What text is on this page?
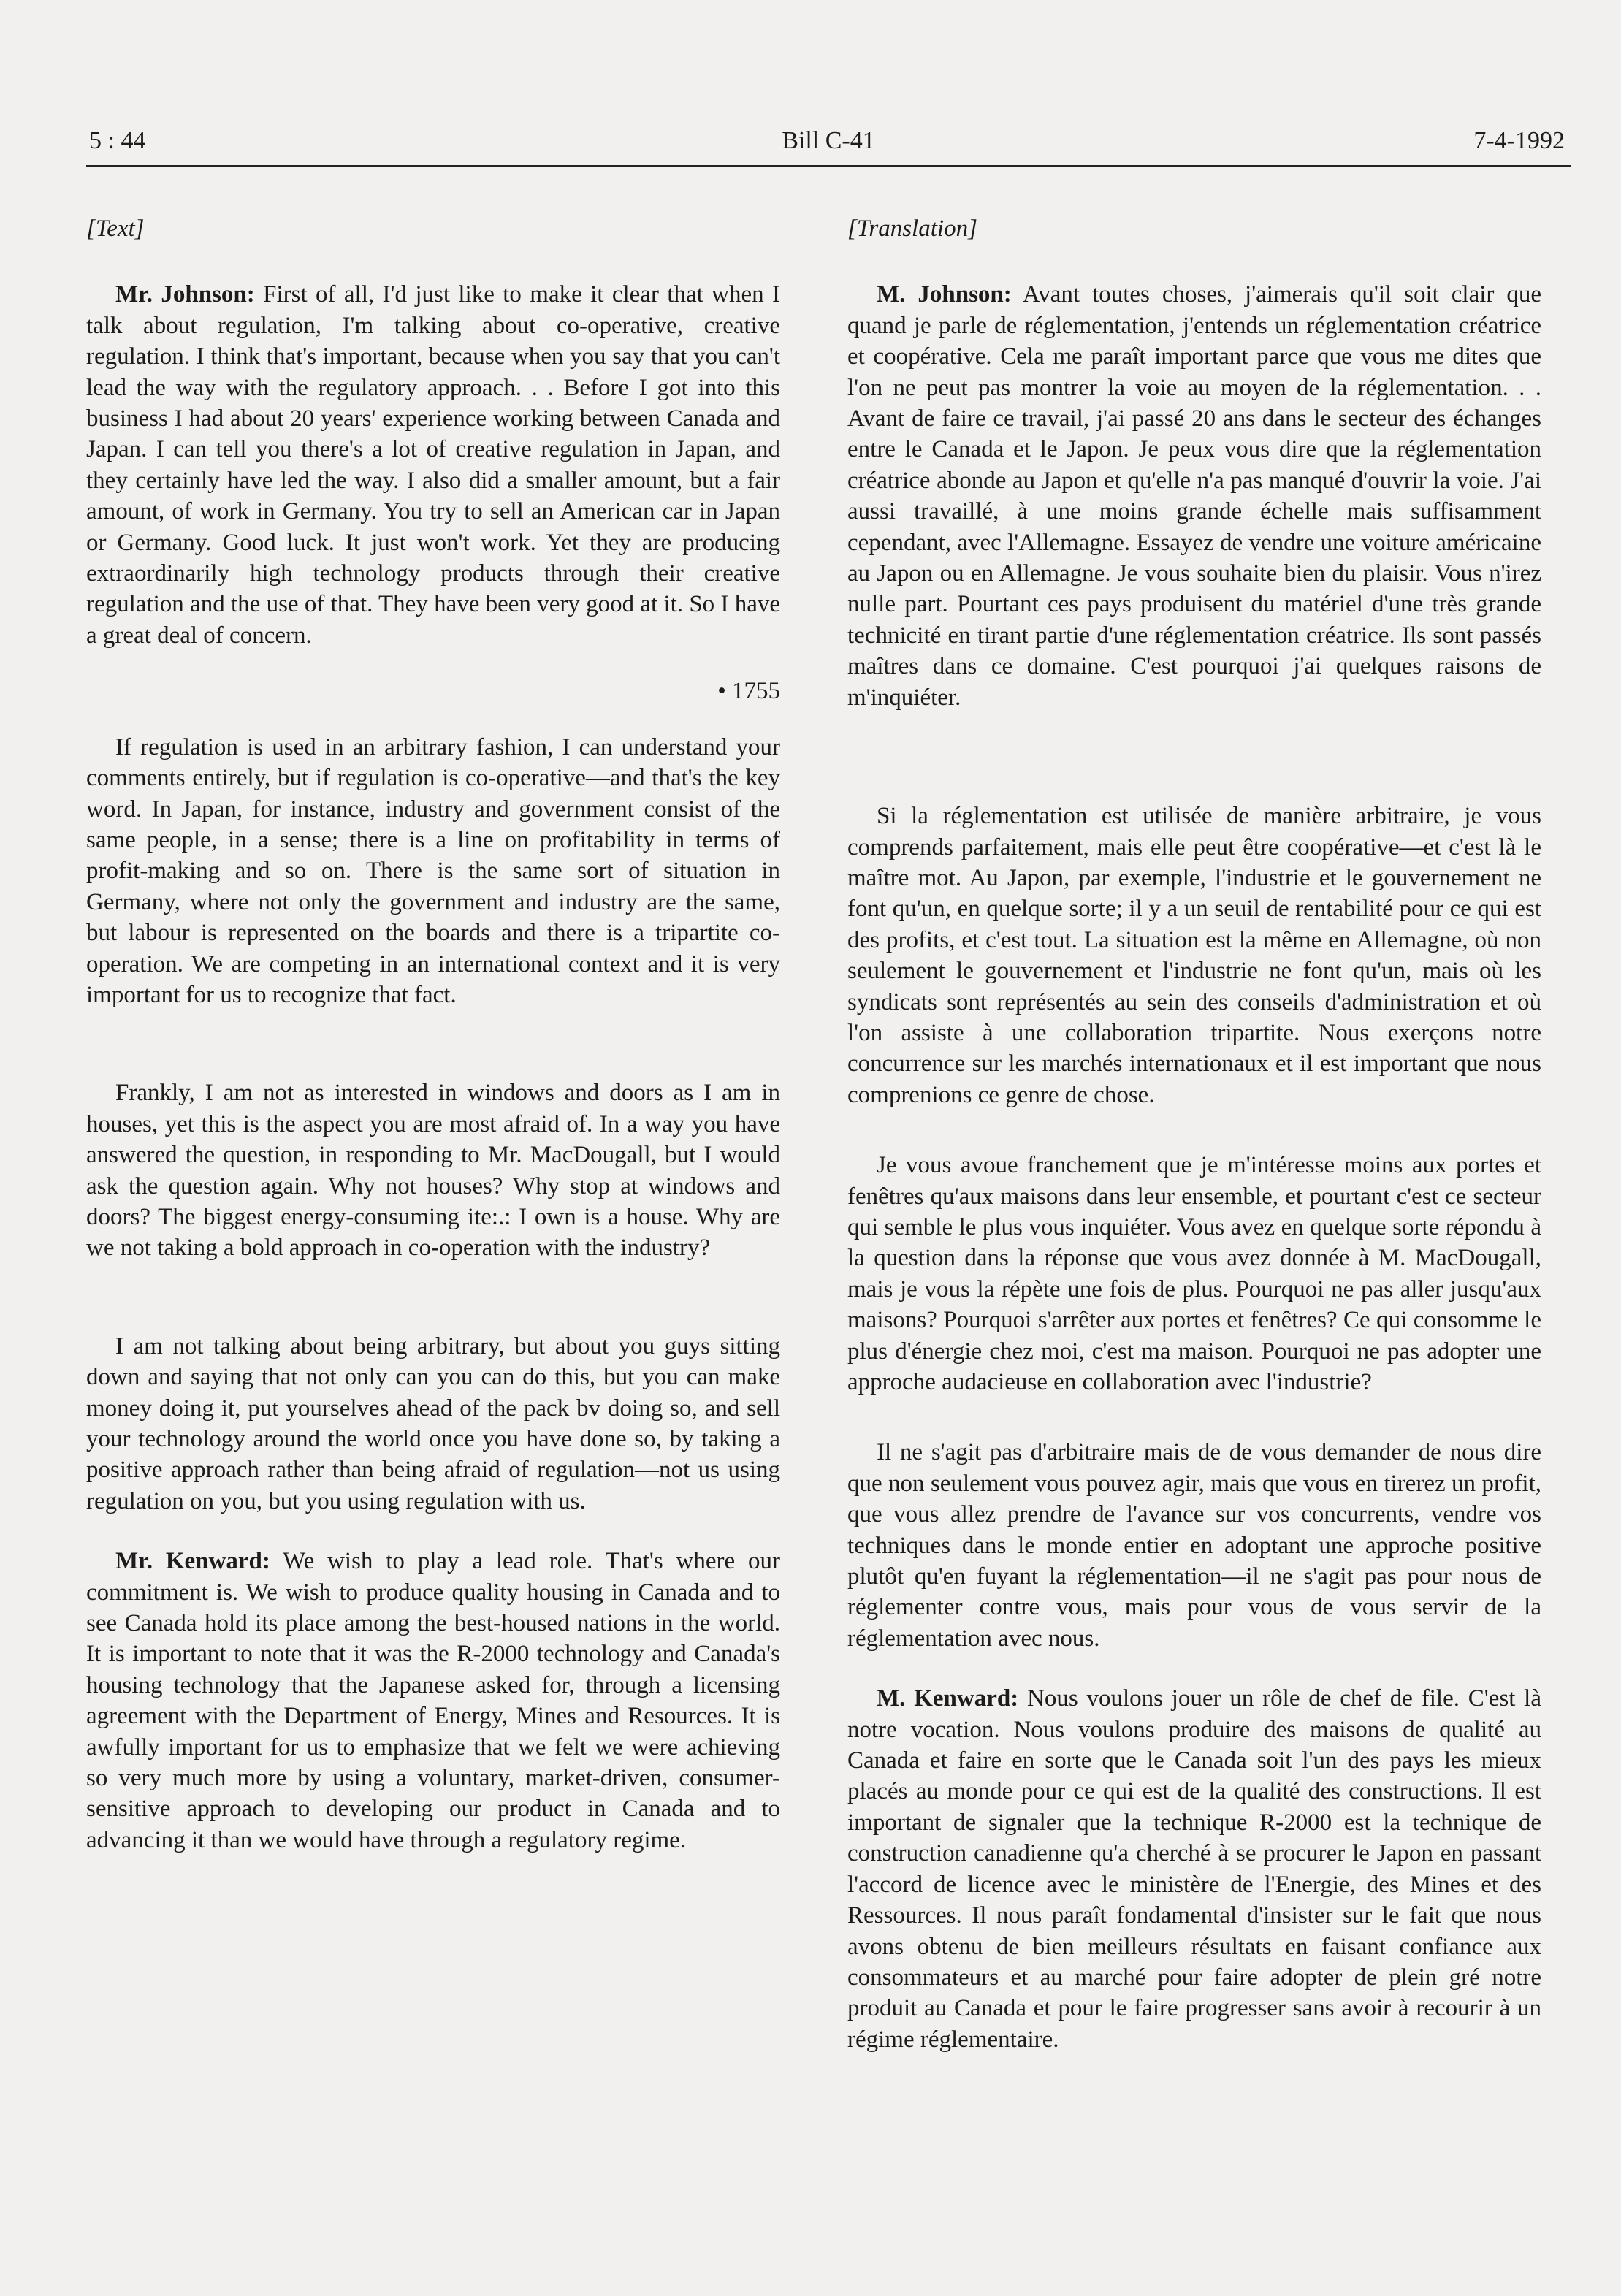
5 : 44	Bill C-41	7-4-1992

[Text]

Mr. Johnson: First of all, I'd just like to make it clear that when I talk about regulation, I'm talking about co-operative, creative regulation. I think that's important, because when you say that you can't lead the way with the regulatory approach. . . Before I got into this business I had about 20 years' experience working between Canada and Japan. I can tell you there's a lot of creative regulation in Japan, and they certainly have led the way. I also did a smaller amount, but a fair amount, of work in Germany. You try to sell an American car in Japan or Germany. Good luck. It just won't work. Yet they are producing extraordinarily high technology products through their creative regulation and the use of that. They have been very good at it. So I have a great deal of concern.

• 1755

If regulation is used in an arbitrary fashion, I can understand your comments entirely, but if regulation is co-operative—and that's the key word. In Japan, for instance, industry and government consist of the same people, in a sense; there is a line on profitability in terms of profit-making and so on. There is the same sort of situation in Germany, where not only the government and industry are the same, but labour is represented on the boards and there is a tripartite co-operation. We are competing in an international context and it is very important for us to recognize that fact.

Frankly, I am not as interested in windows and doors as I am in houses, yet this is the aspect you are most afraid of. In a way you have answered the question, in responding to Mr. MacDougall, but I would ask the question again. Why not houses? Why stop at windows and doors? The biggest energy-consuming ite:.: I own is a house. Why are we not taking a bold approach in co-operation with the industry?

I am not talking about being arbitrary, but about you guys sitting down and saying that not only can you can do this, but you can make money doing it, put yourselves ahead of the pack bv doing so, and sell your technology around the world once you have done so, by taking a positive approach rather than being afraid of regulation—not us using regulation on you, but you using regulation with us.

Mr. Kenward: We wish to play a lead role. That's where our commitment is. We wish to produce quality housing in Canada and to see Canada hold its place among the best-housed nations in the world. It is important to note that it was the R-2000 technology and Canada's housing technology that the Japanese asked for, through a licensing agreement with the Department of Energy, Mines and Resources. It is awfully important for us to emphasize that we felt we were achieving so very much more by using a voluntary, market-driven, consumer-sensitive approach to developing our product in Canada and to advancing it than we would have through a regulatory regime.

[Translation]

M. Johnson: Avant toutes choses, j'aimerais qu'il soit clair que quand je parle de réglementation, j'entends un réglementation créatrice et coopérative. Cela me paraît important parce que vous me dites que l'on ne peut pas montrer la voie au moyen de la réglementation. . . Avant de faire ce travail, j'ai passé 20 ans dans le secteur des échanges entre le Canada et le Japon. Je peux vous dire que la réglementation créatrice abonde au Japon et qu'elle n'a pas manqué d'ouvrir la voie. J'ai aussi travaillé, à une moins grande échelle mais suffisamment cependant, avec l'Allemagne. Essayez de vendre une voiture américaine au Japon ou en Allemagne. Je vous souhaite bien du plaisir. Vous n'irez nulle part. Pourtant ces pays produisent du matériel d'une très grande technicité en tirant partie d'une réglementation créatrice. Ils sont passés maîtres dans ce domaine. C'est pourquoi j'ai quelques raisons de m'inquiéter.

Si la réglementation est utilisée de manière arbitraire, je vous comprends parfaitement, mais elle peut être coopérative—et c'est là le maître mot. Au Japon, par exemple, l'industrie et le gouvernement ne font qu'un, en quelque sorte; il y a un seuil de rentabilité pour ce qui est des profits, et c'est tout. La situation est la même en Allemagne, où non seulement le gouvernement et l'industrie ne font qu'un, mais où les syndicats sont représentés au sein des conseils d'administration et où l'on assiste à une collaboration tripartite. Nous exerçons notre concurrence sur les marchés internationaux et il est important que nous comprenions ce genre de chose.

Je vous avoue franchement que je m'intéresse moins aux portes et fenêtres qu'aux maisons dans leur ensemble, et pourtant c'est ce secteur qui semble le plus vous inquiéter. Vous avez en quelque sorte répondu à la question dans la réponse que vous avez donnée à M. MacDougall, mais je vous la répète une fois de plus. Pourquoi ne pas aller jusqu'aux maisons? Pourquoi s'arrêter aux portes et fenêtres? Ce qui consomme le plus d'énergie chez moi, c'est ma maison. Pourquoi ne pas adopter une approche audacieuse en collaboration avec l'industrie?

Il ne s'agit pas d'arbitraire mais de de vous demander de nous dire que non seulement vous pouvez agir, mais que vous en tirerez un profit, que vous allez prendre de l'avance sur vos concurrents, vendre vos techniques dans le monde entier en adoptant une approche positive plutôt qu'en fuyant la réglementation—il ne s'agit pas pour nous de réglementer contre vous, mais pour vous de vous servir de la réglementation avec nous.

M. Kenward: Nous voulons jouer un rôle de chef de file. C'est là notre vocation. Nous voulons produire des maisons de qualité au Canada et faire en sorte que le Canada soit l'un des pays les mieux placés au monde pour ce qui est de la qualité des constructions. Il est important de signaler que la technique R-2000 est la technique de construction canadienne qu'a cherché à se procurer le Japon en passant l'accord de licence avec le ministère de l'Energie, des Mines et des Ressources. Il nous paraît fondamental d'insister sur le fait que nous avons obtenu de bien meilleurs résultats en faisant confiance aux consommateurs et au marché pour faire adopter de plein gré notre produit au Canada et pour le faire progresser sans avoir à recourir à un régime réglementaire.
